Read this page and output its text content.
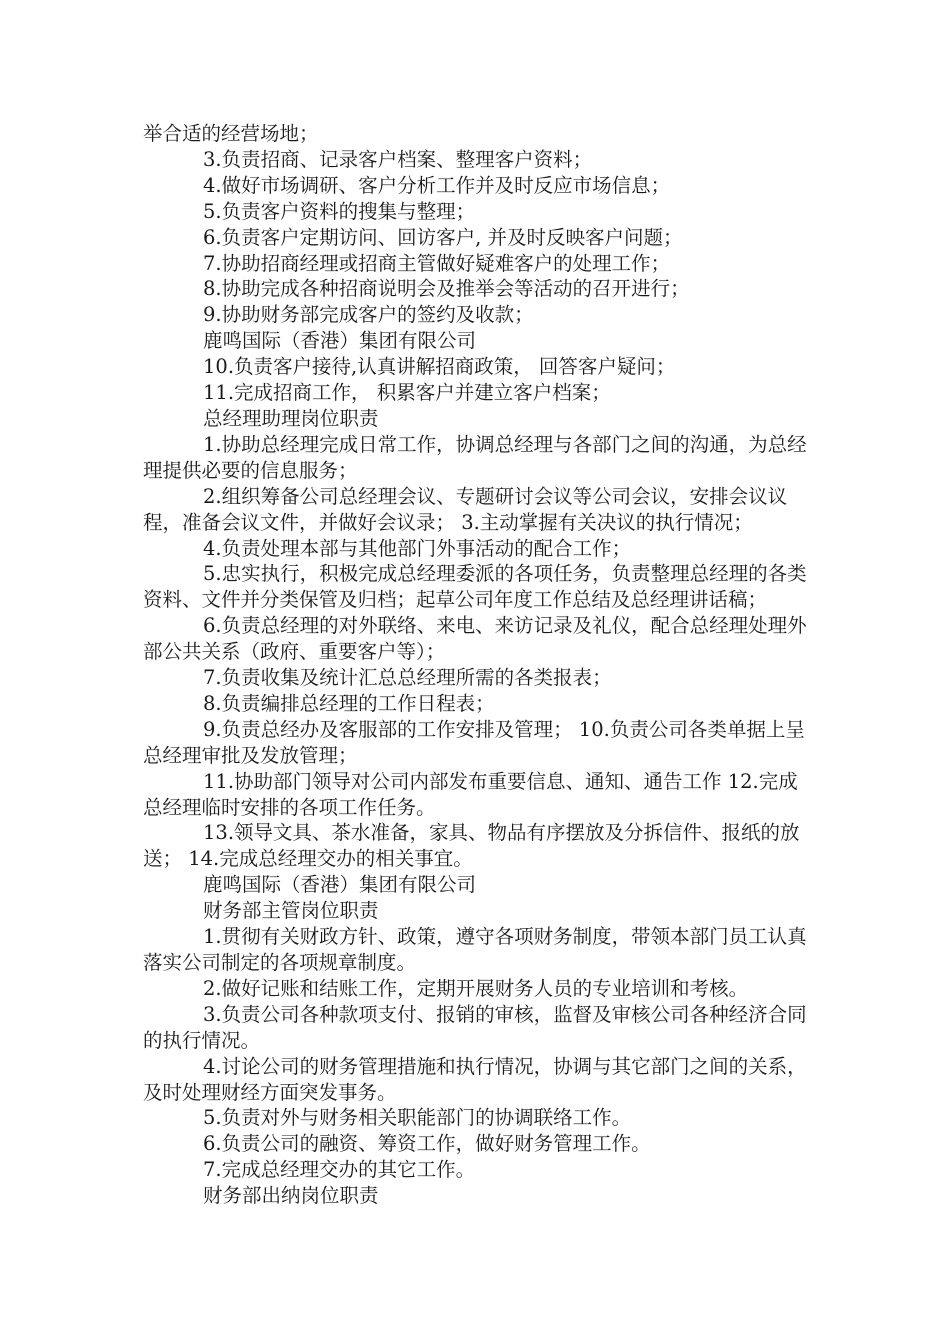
举合适的经营场地；

3.负责招商、记录客户档案、整理客户资料；

4.做好市场调研、客户分析工作并及时反应市场信息；

5.负责客户资料的搜集与整理；

6.负责客户定期访问、回访客户, 并及时反映客户问题；

7.协助招商经理或招商主管做好疑难客户的处理工作；

8.协助完成各种招商说明会及推举会等活动的召开进行；

9.协助财务部完成客户的签约及收款；

鹿鸣国际（香港）集团有限公司

10.负责客户接待,认真讲解招商政策， 回答客户疑问；

11.完成招商工作， 积累客户并建立客户档案；

总经理助理岗位职责

1.协助总经理完成日常工作，协调总经理与各部门之间的沟通，为总经理提供必要的信息服务；

2.组织筹备公司总经理会议、专题研讨会议等公司会议，安排会议议程，准备会议文件，并做好会议录； 3.主动掌握有关决议的执行情况；

4.负责处理本部与其他部门外事活动的配合工作；

5.忠实执行，积极完成总经理委派的各项任务，负责整理总经理的各类资料、文件并分类保管及归档；起草公司年度工作总结及总经理讲话稿；

6.负责总经理的对外联络、来电、来访记录及礼仪，配合总经理处理外部公共关系（政府、重要客户等）；

7.负责收集及统计汇总总经理所需的各类报表；

8.负责编排总经理的工作日程表；

9.负责总经办及客服部的工作安排及管理； 10.负责公司各类单据上呈总经理审批及发放管理；

11.协助部门领导对公司内部发布重要信息、通知、通告工作 12.完成总经理临时安排的各项工作任务。

13.领导文具、茶水准备，家具、物品有序摆放及分拆信件、报纸的放送； 14.完成总经理交办的相关事宜。

鹿鸣国际（香港）集团有限公司

财务部主管岗位职责

1.贯彻有关财政方针、政策，遵守各项财务制度，带领本部门员工认真落实公司制定的各项规章制度。

2.做好记账和结账工作，定期开展财务人员的专业培训和考核。

3.负责公司各种款项支付、报销的审核，监督及审核公司各种经济合同的执行情况。

4.讨论公司的财务管理措施和执行情况，协调与其它部门之间的关系，及时处理财经方面突发事务。

5.负责对外与财务相关职能部门的协调联络工作。

6.负责公司的融资、筹资工作，做好财务管理工作。

7.完成总经理交办的其它工作。

财务部出纳岗位职责
